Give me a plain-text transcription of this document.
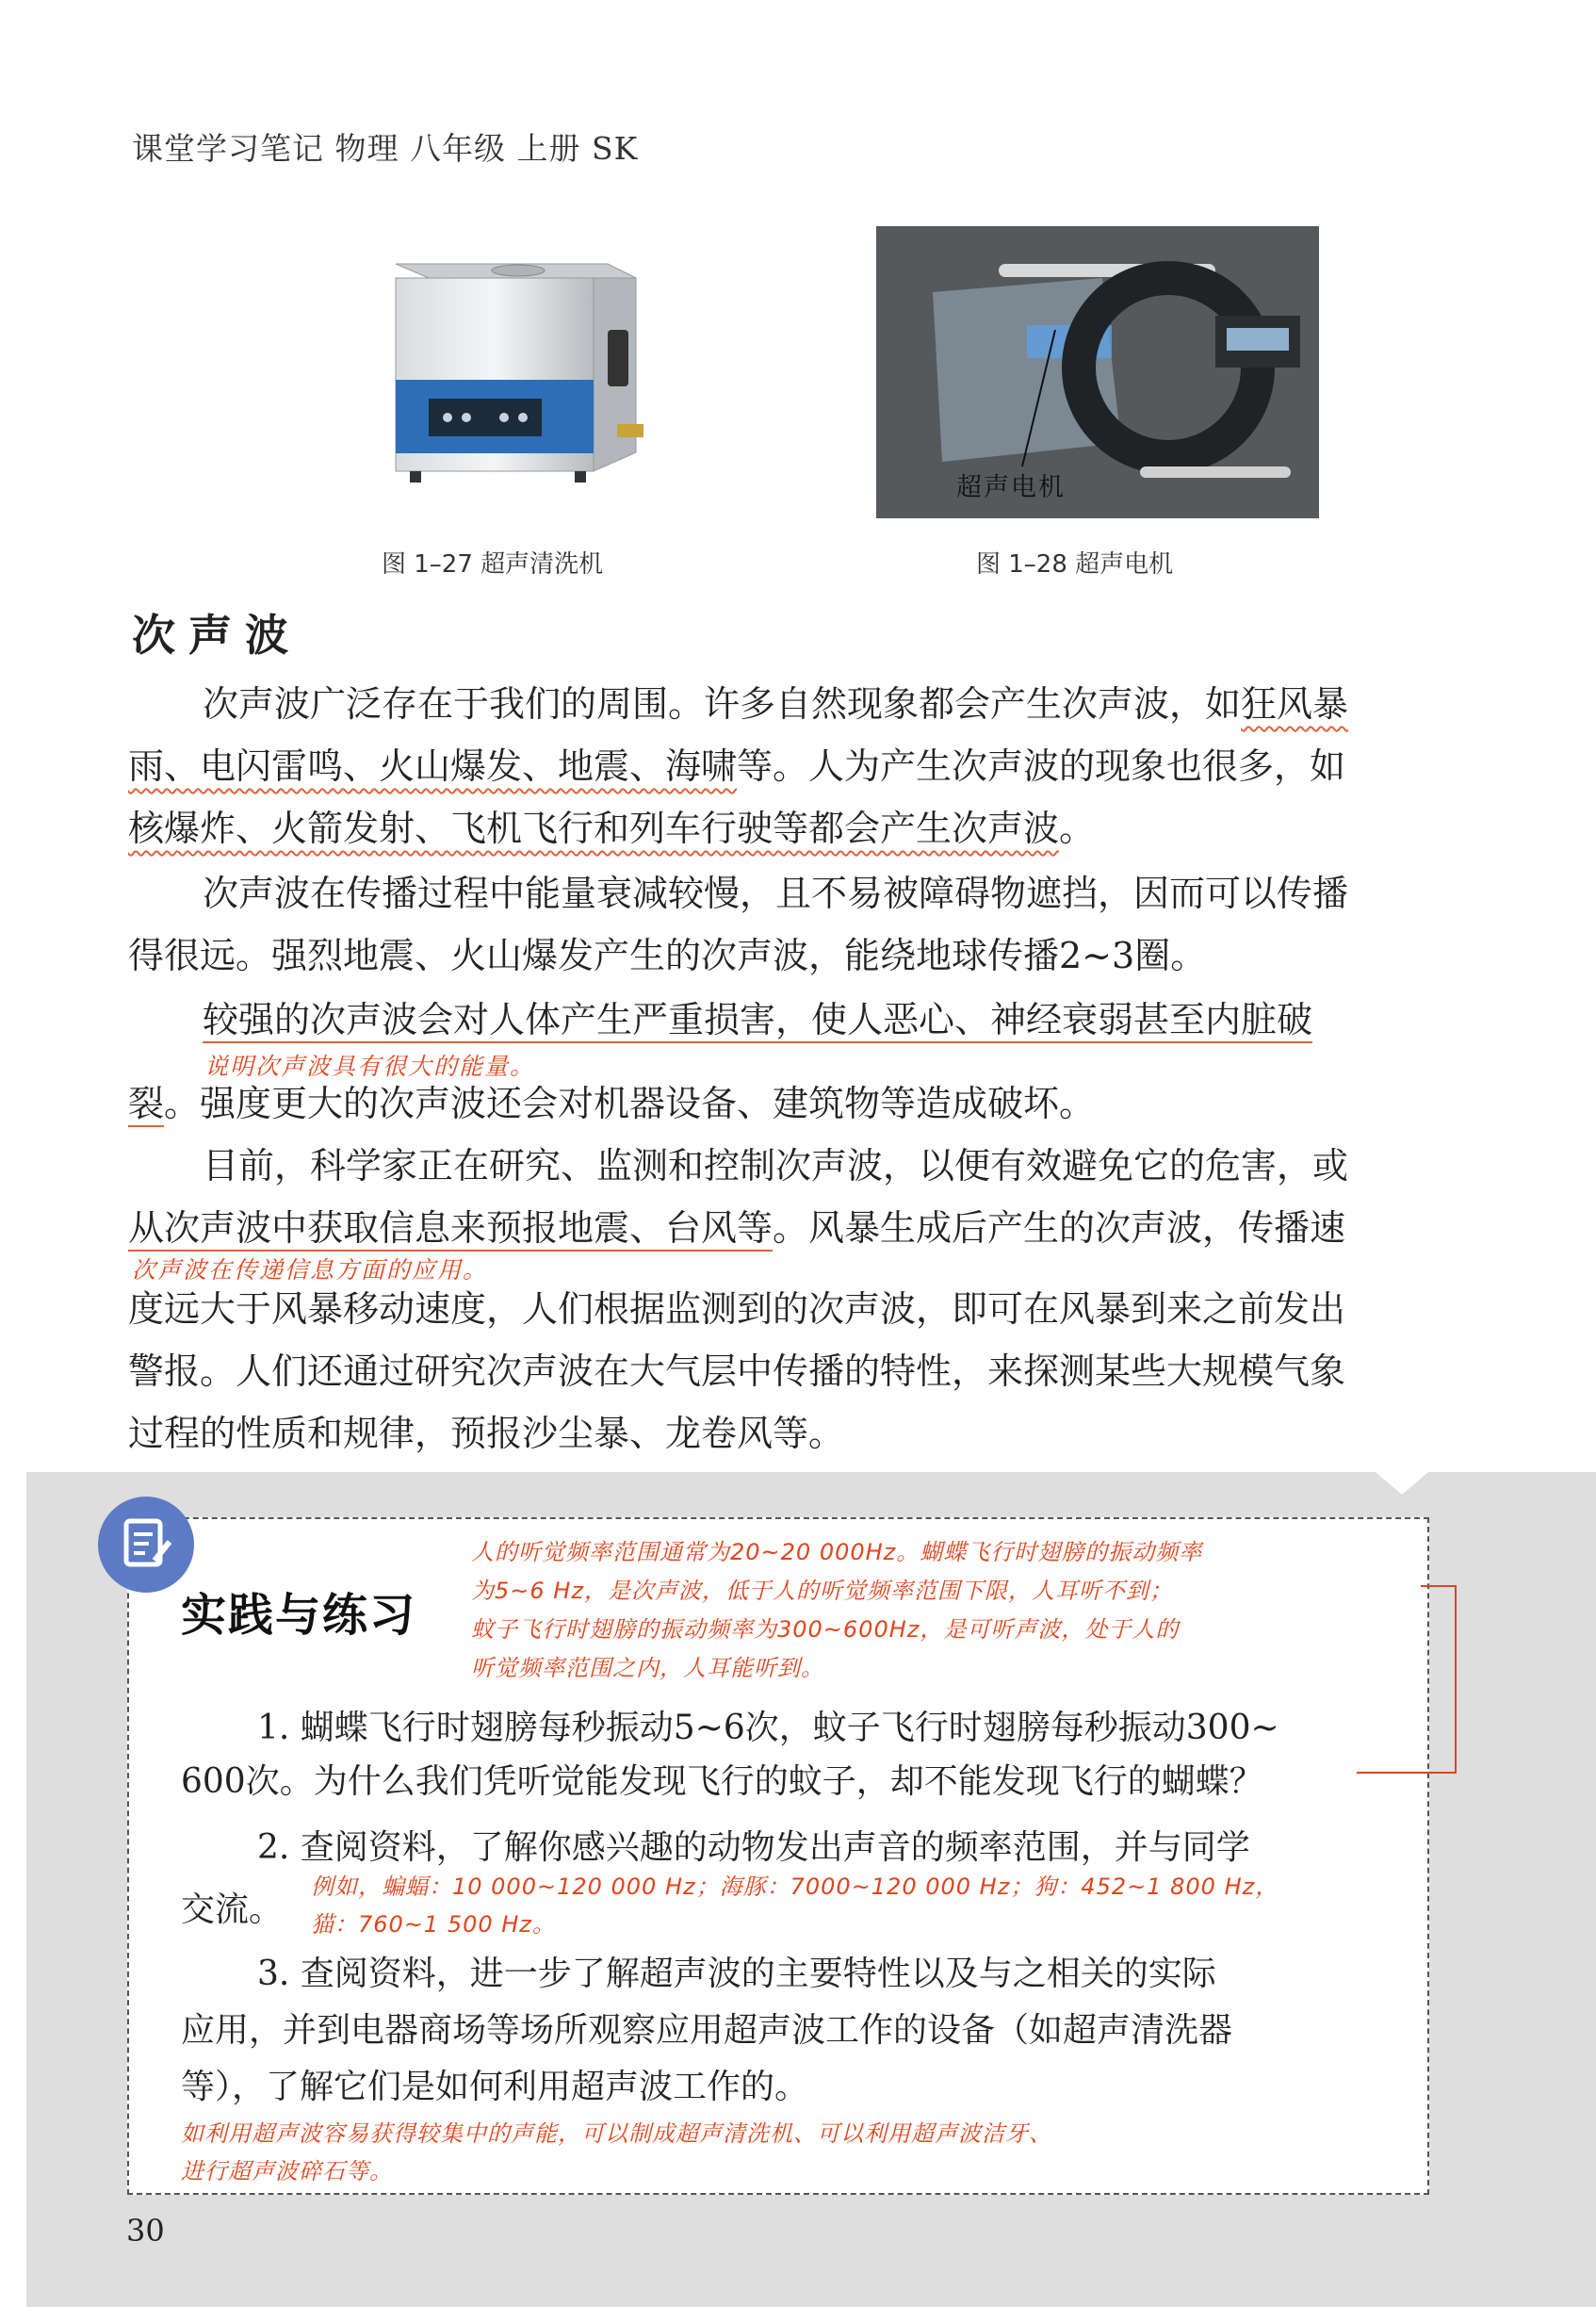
课堂学习笔记 物理 八年级 上册 SK
超声电机
图 1–27 超声清洗机	图 1–28 超声电机
次声波
次声波广泛存在于我们的周围。许多自然现象都会产生次声波，如狂风暴
雨、电闪雷鸣、火山爆发、地震、海啸等。人为产生次声波的现象也很多，如
核爆炸、火箭发射、飞机飞行和列车行驶等都会产生次声波。
次声波在传播过程中能量衰减较慢，且不易被障碍物遮挡，因而可以传播
得很远。强烈地震、火山爆发产生的次声波，能绕地球传播2~3圈。
较强的次声波会对人体产生严重损害，使人恶心、神经衰弱甚至内脏破
说明次声波具有很大的能量。
裂。强度更大的次声波还会对机器设备、建筑物等造成破坏。
目前，科学家正在研究、监测和控制次声波，以便有效避免它的危害，或
从次声波中获取信息来预报地震、台风等。风暴生成后产生的次声波，传播速
次声波在传递信息方面的应用。
度远大于风暴移动速度，人们根据监测到的次声波，即可在风暴到来之前发出
警报。人们还通过研究次声波在大气层中传播的特性，来探测某些大规模气象
过程的性质和规律，预报沙尘暴、龙卷风等。
实践与练习
人的听觉频率范围通常为20~20 000Hz。蝴蝶飞行时翅膀的振动频率
为5~6 Hz，是次声波，低于人的听觉频率范围下限，人耳听不到；
蚊子飞行时翅膀的振动频率为300~600Hz，是可听声波，处于人的
听觉频率范围之内，人耳能听到。
1. 蝴蝶飞行时翅膀每秒振动5~6次，蚊子飞行时翅膀每秒振动300~
600次。为什么我们凭听觉能发现飞行的蚊子，却不能发现飞行的蝴蝶？
2. 查阅资料，了解你感兴趣的动物发出声音的频率范围，并与同学
交流。
例如，蝙蝠：10 000~120 000 Hz；海豚：7000~120 000 Hz；狗：452~1 800 Hz，
猫：760~1 500 Hz。
3. 查阅资料，进一步了解超声波的主要特性以及与之相关的实际
应用，并到电器商场等场所观察应用超声波工作的设备（如超声清洗器
等），了解它们是如何利用超声波工作的。
如利用超声波容易获得较集中的声能，可以制成超声清洗机、可以利用超声波洁牙、
进行超声波碎石等。
30
